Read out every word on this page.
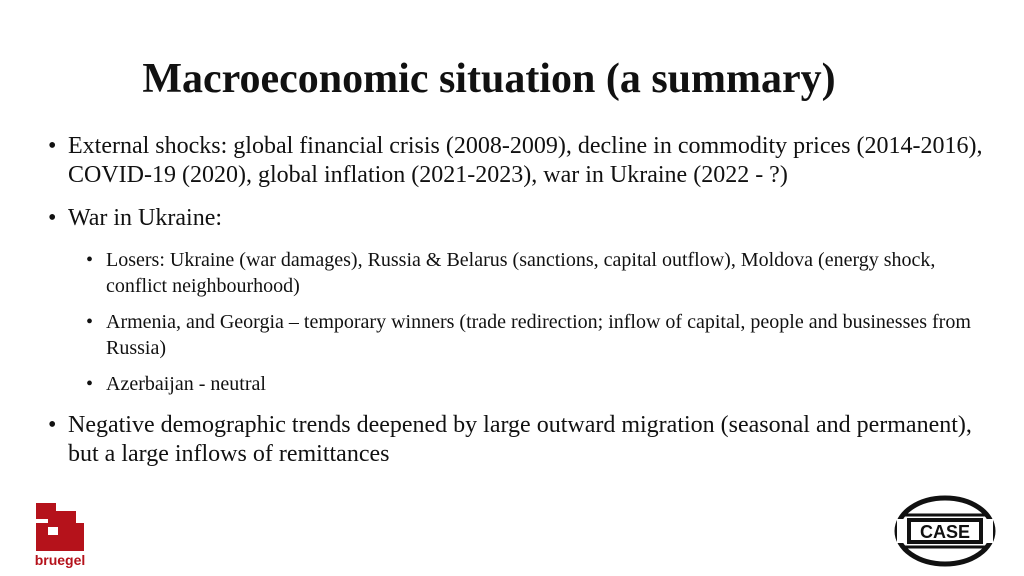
Macroeconomic situation (a summary)
• External shocks: global financial crisis (2008-2009), decline in commodity prices (2014-2016), COVID-19 (2020), global inflation (2021-2023), war in Ukraine (2022 - ?)
• War in Ukraine:
• Losers: Ukraine (war damages), Russia & Belarus (sanctions, capital outflow), Moldova (energy shock, conflict neighbourhood)
• Armenia, and Georgia – temporary winners (trade redirection; inflow of capital, people and businesses from Russia)
• Azerbaijan - neutral
• Negative demographic trends deepened by large outward migration (seasonal and permanent), but a large inflows of remittances
bruegel
CASE
